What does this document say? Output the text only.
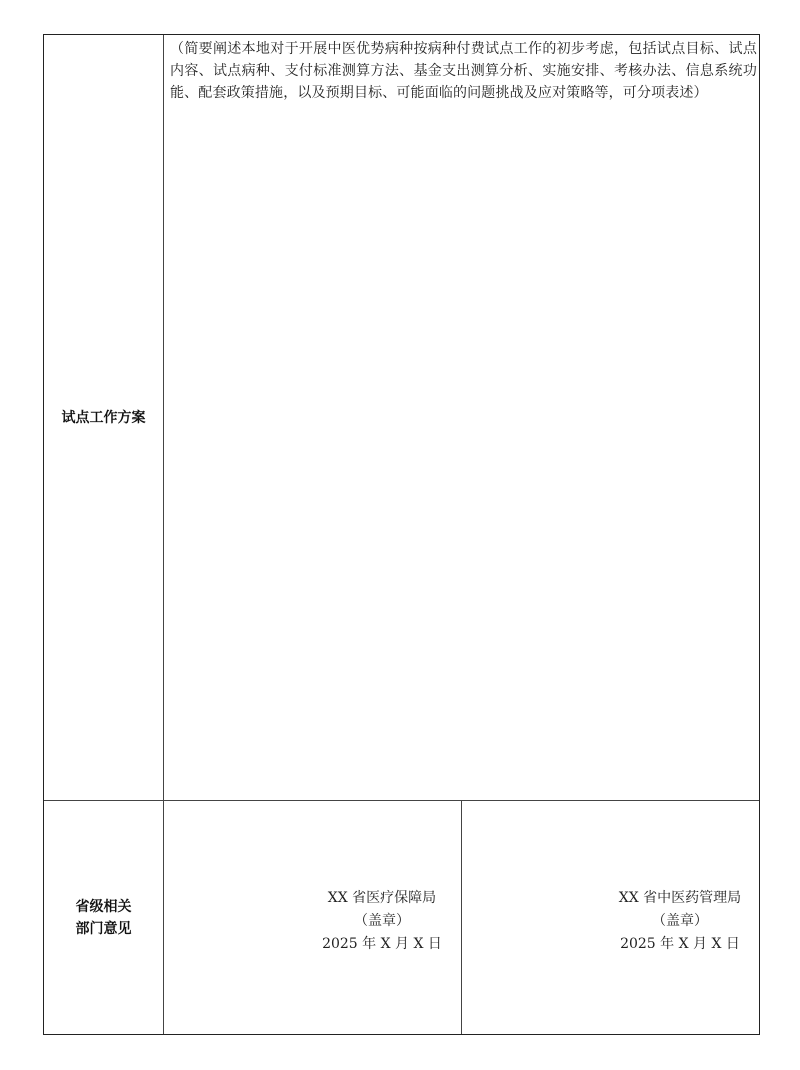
试点工作方案

（简要阐述本地对于开展中医优势病种按病种付费试点工作的初步考虑，包括试点目标、试点内容、试点病种、支付标准测算方法、基金支出测算分析、实施安排、考核办法、信息系统功能、配套政策措施，以及预期目标、可能面临的问题挑战及应对策略等，可分项表述）

省级相关
部门意见
XX 省医疗保障局
（盖章）
2025 年 X 月 X 日
XX 省中医药管理局
（盖章）
2025 年 X 月 X 日
